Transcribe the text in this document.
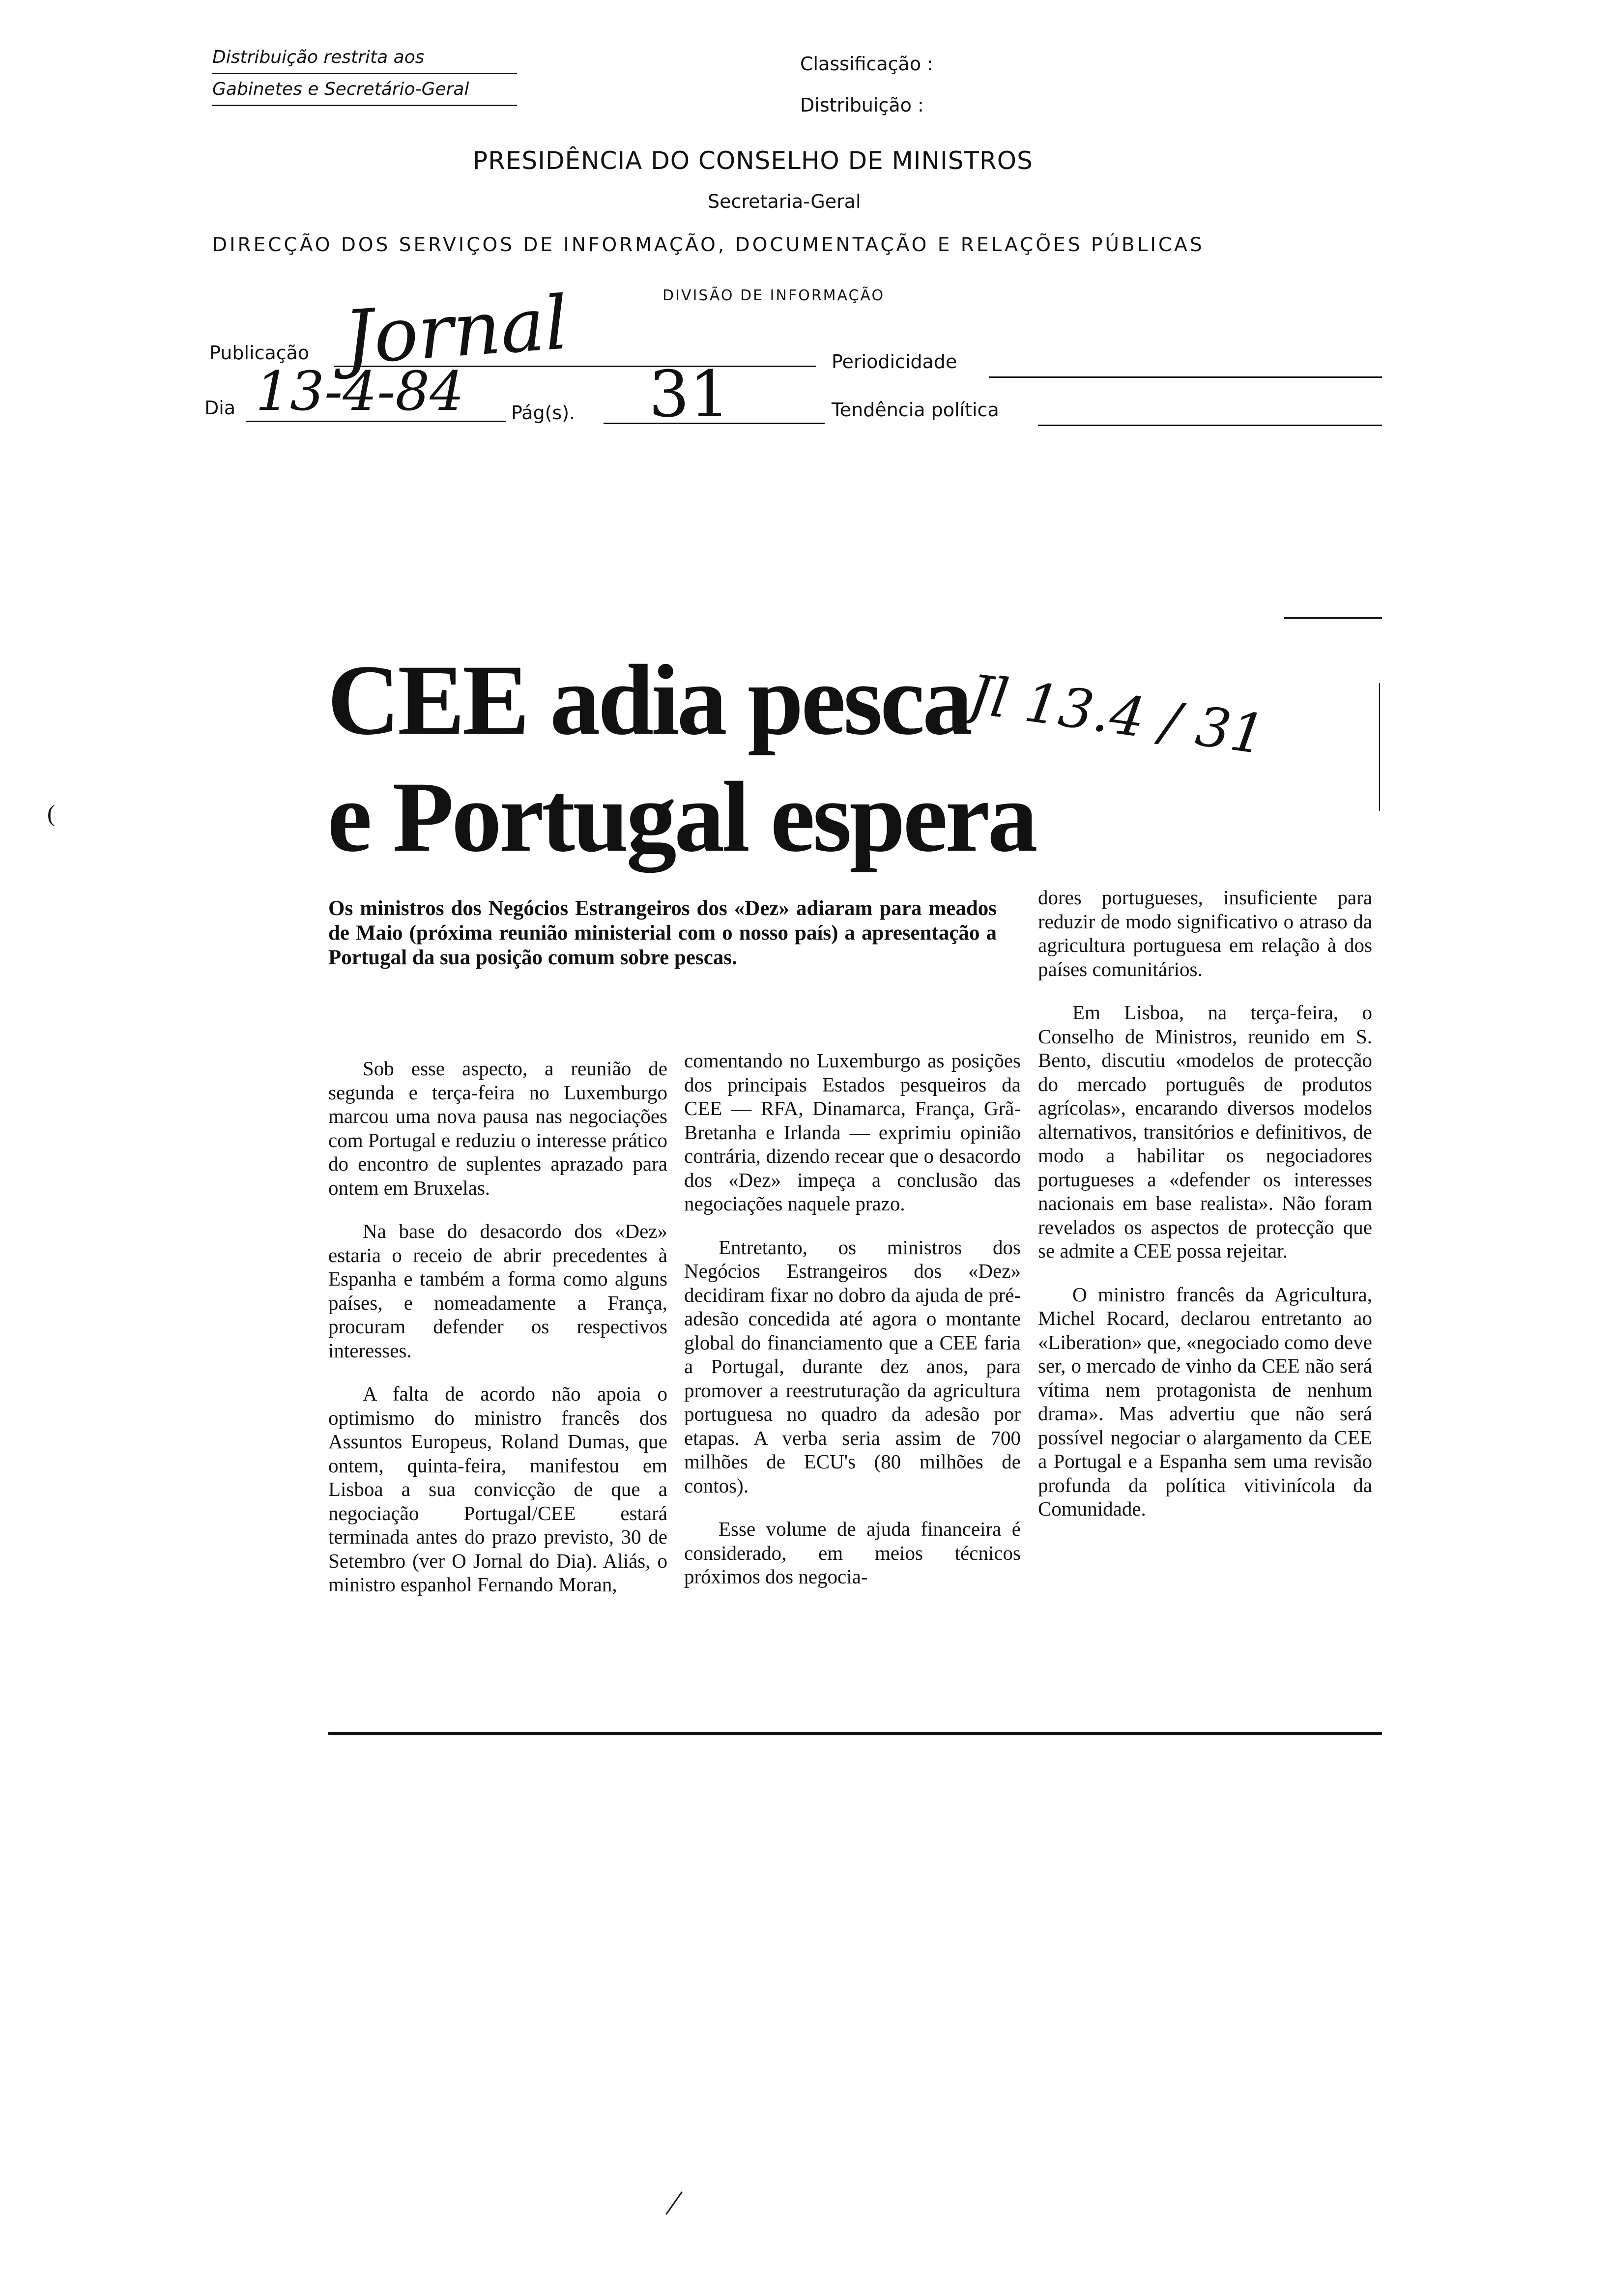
Distribuição restrita aos
Gabinetes e Secretário-Geral
Classificação :
Distribuição :
PRESIDÊNCIA DO CONSELHO DE MINISTROS
Secretaria-Geral
DIRECÇÃO DOS SERVIÇOS DE INFORMAÇÃO, DOCUMENTAÇÃO E RELAÇÕES PÚBLICAS
DIVISÃO DE INFORMAÇÃO
Publicação Jornal	Periodicidade
Dia 13-4-84	Pág(s). 31	Tendência política
(
CEE adia pesca
e Portugal espera
Jl 13.4 / 31
Os ministros dos Negócios Estrangeiros dos «Dez» adiaram para meados de Maio (próxima reunião ministerial com o nosso país) a apresentação a Portugal da sua posição comum sobre pescas.

Sob esse aspecto, a reunião de segunda e terça-feira no Luxemburgo marcou uma nova pausa nas negociações com Portugal e reduziu o interesse prático do encontro de suplentes aprazado para ontem em Bruxelas.

Na base do desacordo dos «Dez» estaria o receio de abrir precedentes à Espanha e também a forma como alguns países, e nomeadamente a França, procuram defender os respectivos interesses.

A falta de acordo não apoia o optimismo do ministro francês dos Assuntos Europeus, Roland Dumas, que ontem, quinta-feira, manifestou em Lisboa a sua convicção de que a negociação Portugal/CEE estará terminada antes do prazo previsto, 30 de Setembro (ver O Jornal do Dia). Aliás, o ministro espanhol Fernando Moran,

comentando no Luxemburgo as posições dos principais Estados pesqueiros da CEE — RFA, Dinamarca, França, Grã-Bretanha e Irlanda — exprimiu opinião contrária, dizendo recear que o desacordo dos «Dez» impeça a conclusão das negociações naquele prazo.

Entretanto, os ministros dos Negócios Estrangeiros dos «Dez» decidiram fixar no dobro da ajuda de pré-adesão concedida até agora o montante global do financiamento que a CEE faria a Portugal, durante dez anos, para promover a reestruturação da agricultura portuguesa no quadro da adesão por etapas. A verba seria assim de 700 milhões de ECU's (80 milhões de contos).

Esse volume de ajuda financeira é considerado, em meios técnicos próximos dos negocia-

dores portugueses, insuficiente para reduzir de modo significativo o atraso da agricultura portuguesa em relação à dos países comunitários.

Em Lisboa, na terça-feira, o Conselho de Ministros, reunido em S. Bento, discutiu «modelos de protecção do mercado português de produtos agrícolas», encarando diversos modelos alternativos, transitórios e definitivos, de modo a habilitar os negociadores portugueses a «defender os interesses nacionais em base realista». Não foram revelados os aspectos de protecção que se admite a CEE possa rejeitar.

O ministro francês da Agricultura, Michel Rocard, declarou entretanto ao «Liberation» que, «negociado como deve ser, o mercado de vinho da CEE não será vítima nem protagonista de nenhum drama». Mas advertiu que não será possível negociar o alargamento da CEE a Portugal e a Espanha sem uma revisão profunda da política vitivinícola da Comunidade.
